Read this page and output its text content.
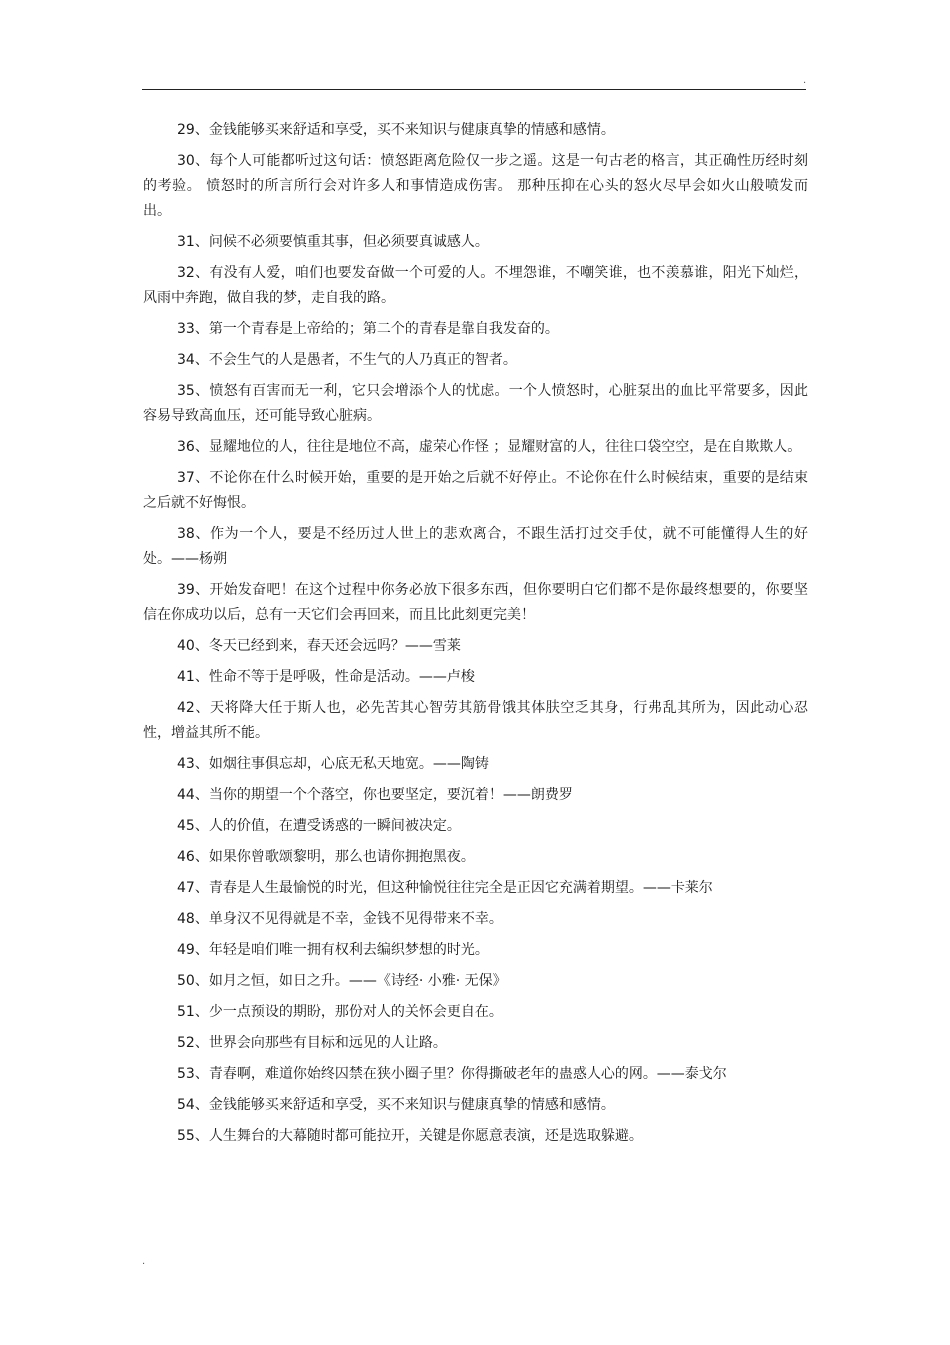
.

29、金钱能够买来舒适和享受，买不来知识与健康真挚的情感和感情。

30、每个人可能都听过这句话：愤怒距离危险仅一步之遥。这是一句古老的格言，其正确性历经时刻的考验。 愤怒时的所言所行会对许多人和事情造成伤害。 那种压抑在心头的怒火尽早会如火山般喷发而出。

31、问候不必须要慎重其事，但必须要真诚感人。

32、有没有人爱，咱们也要发奋做一个可爱的人。不埋怨谁，不嘲笑谁，也不羡慕谁，阳光下灿烂，风雨中奔跑，做自我的梦，走自我的路。

33、第一个青春是上帝给的；第二个的青春是靠自我发奋的。

34、不会生气的人是愚者，不生气的人乃真正的智者。

35、愤怒有百害而无一利，它只会增添个人的忧虑。一个人愤怒时，心脏泵出的血比平常要多，因此容易导致高血压，还可能导致心脏病。

36、显耀地位的人，往往是地位不高，虚荣心作怪 ；显耀财富的人，往往口袋空空，是在自欺欺人。

37、不论你在什么时候开始，重要的是开始之后就不好停止。不论你在什么时候结束，重要的是结束之后就不好悔恨。

38、作为一个人，要是不经历过人世上的悲欢离合，不跟生活打过交手仗，就不可能懂得人生的好处。——杨朔

39、开始发奋吧！在这个过程中你务必放下很多东西，但你要明白它们都不是你最终想要的，你要坚信在你成功以后，总有一天它们会再回来，而且比此刻更完美！

40、冬天已经到来，春天还会远吗？——雪莱

41、性命不等于是呼吸，性命是活动。——卢梭

42、天将降大任于斯人也，必先苦其心智劳其筋骨饿其体肤空乏其身，行弗乱其所为，因此动心忍性，增益其所不能。

43、如烟往事俱忘却，心底无私天地宽。——陶铸

44、当你的期望一个个落空，你也要坚定，要沉着！——朗费罗

45、人的价值，在遭受诱惑的一瞬间被决定。

46、如果你曾歌颂黎明，那么也请你拥抱黑夜。

47、青春是人生最愉悦的时光，但这种愉悦往往完全是正因它充满着期望。——卡莱尔

48、单身汉不见得就是不幸，金钱不见得带来不幸。

49、年轻是咱们唯一拥有权利去编织梦想的时光。

50、如月之恒，如日之升。——《诗经· 小雅· 无保》

51、少一点预设的期盼，那份对人的关怀会更自在。

52、世界会向那些有目标和远见的人让路。

53、青春啊，难道你始终囚禁在狭小圈子里？你得撕破老年的蛊惑人心的网。——泰戈尔

54、金钱能够买来舒适和享受，买不来知识与健康真挚的情感和感情。

55、人生舞台的大幕随时都可能拉开，关键是你愿意表演，还是选取躲避。

.
